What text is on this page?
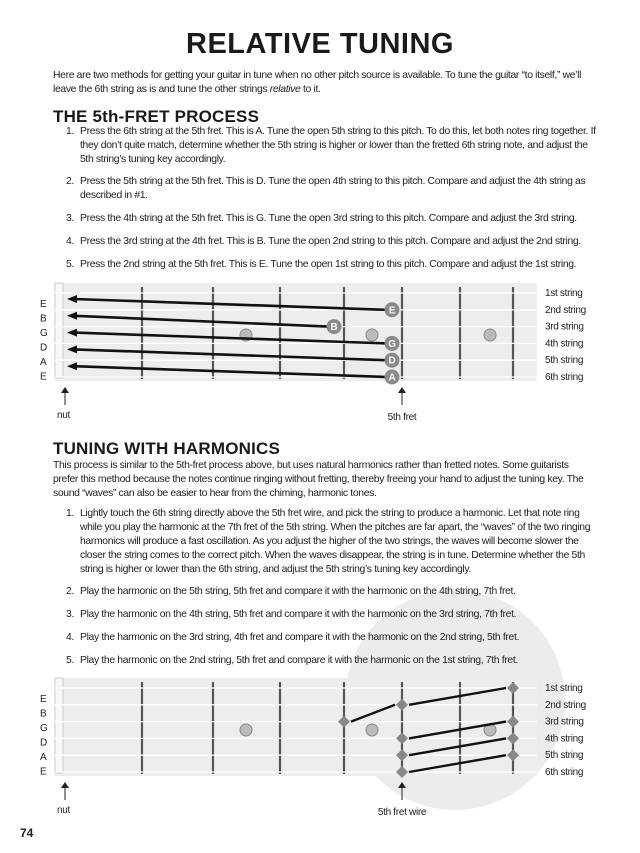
RELATIVE TUNING
Here are two methods for getting your guitar in tune when no other pitch source is available. To tune the guitar “to itself,” we’ll leave the 6th string as is and tune the other strings relative to it.
THE 5th-FRET PROCESS
1. Press the 6th string at the 5th fret. This is A. Tune the open 5th string to this pitch. To do this, let both notes ring together. If they don’t quite match, determine whether the 5th string is higher or lower than the fretted 6th string note, and adjust the 5th string’s tuning key accordingly.
2. Press the 5th string at the 5th fret. This is D. Tune the open 4th string to this pitch. Compare and adjust the 4th string as described in #1.
3. Press the 4th string at the 5th fret. This is G. Tune the open 3rd string to this pitch. Compare and adjust the 3rd string.
4. Press the 3rd string at the 4th fret. This is B. Tune the open 2nd string to this pitch. Compare and adjust the 2nd string.
5. Press the 2nd string at the 5th fret. This is E. Tune the open 1st string to this pitch. Compare and adjust the 1st string.
TUNING WITH HARMONICS
This process is similar to the 5th-fret process above, but uses natural harmonics rather than fretted notes. Some guitarists prefer this method because the notes continue ringing without fretting, thereby freeing your hand to adjust the tuning key. The sound “waves” can also be easier to hear from the chiming, harmonic tones.
1. Lightly touch the 6th string directly above the 5th fret wire, and pick the string to produce a harmonic. Let that note ring while you play the harmonic at the 7th fret of the 5th string. When the pitches are far apart, the “waves” of the two ringing harmonics will produce a fast oscillation. As you adjust the higher of the two strings, the waves will become slower the closer the string comes to the correct pitch. When the waves disappear, the string is in tune. Determine whether the 5th string is higher or lower than the 6th string, and adjust the 5th string’s tuning key accordingly.
2. Play the harmonic on the 5th string, 5th fret and compare it with the harmonic on the 4th string, 7th fret.
3. Play the harmonic on the 4th string, 5th fret and compare it with the harmonic on the 3rd string, 7th fret.
4. Play the harmonic on the 3rd string, 4th fret and compare it with the harmonic on the 2nd string, 5th fret.
5. Play the harmonic on the 2nd string, 5th fret and compare it with the harmonic on the 1st string, 7th fret.
E
B
G
D
A
E
1st string
2nd string
3rd string
4th string
5th string
6th string
nut	5th fret
E
B
G
D
A
E
B
G
D
A
E
1st string
2nd string
3rd string
4th string
5th string
6th string
nut	5th fret wire
74
